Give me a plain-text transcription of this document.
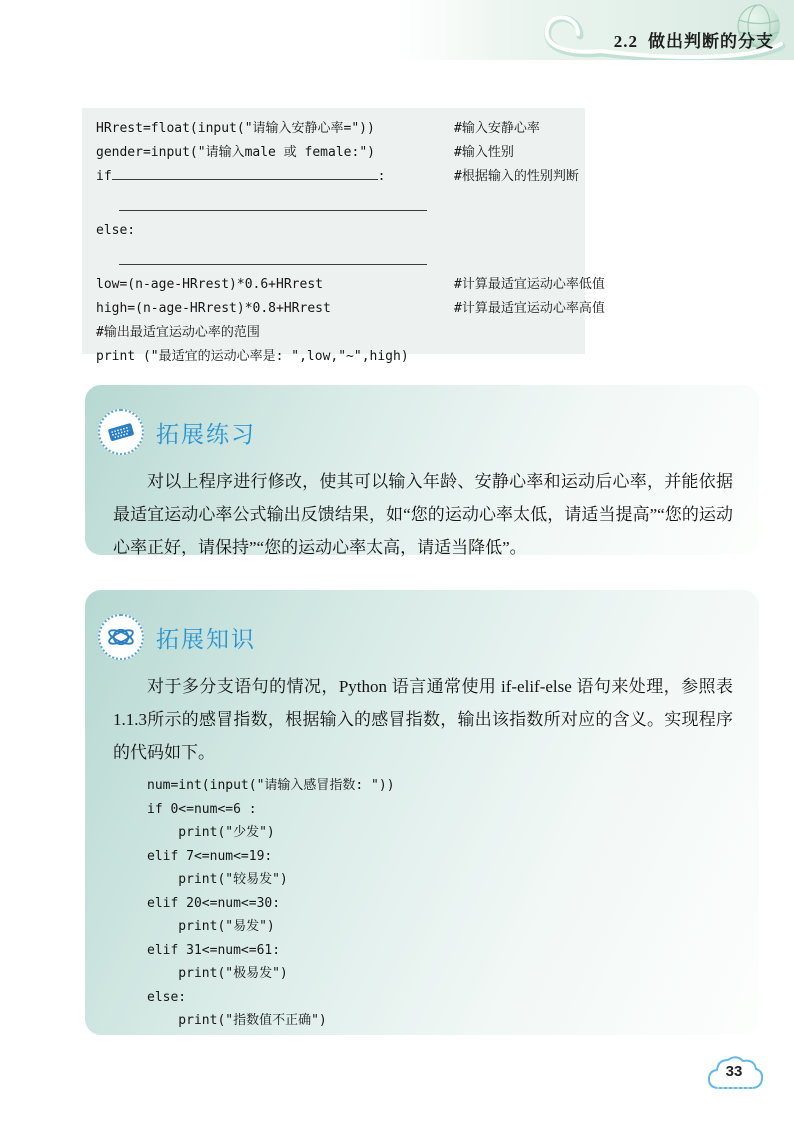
2.2 做出判断的分支
HRrest=float(input("请输入安静心率="))	#输入安静心率
gender=input("请输入male 或 female:")	#输入性别
if	:	#根据输入的性别判断
else:
low=(n-age-HRrest)*0.6+HRrest	#计算最适宜运动心率低值
high=(n-age-HRrest)*0.8+HRrest	#计算最适宜运动心率高值
#输出最适宜运动心率的范围
print ("最适宜的运动心率是: ",low,"~",high)
拓展练习
对以上程序进行修改，使其可以输入年龄、安静心率和运动后心率，并能依据最适宜运动心率公式输出反馈结果，如“您的运动心率太低，请适当提高”“您的运动心率正好，请保持”“您的运动心率太高，请适当降低”。
拓展知识
对于多分支语句的情况，Python 语言通常使用 if-elif-else 语句来处理，参照表1.1.3所示的感冒指数，根据输入的感冒指数，输出该指数所对应的含义。实现程序的代码如下。
num=int(input("请输入感冒指数: "))
if 0<=num<=6 :
print("少发")
elif 7<=num<=19:
print("较易发")
elif 20<=num<=30:
print("易发")
elif 31<=num<=61:
print("极易发")
else:
print("指数值不正确")
33
